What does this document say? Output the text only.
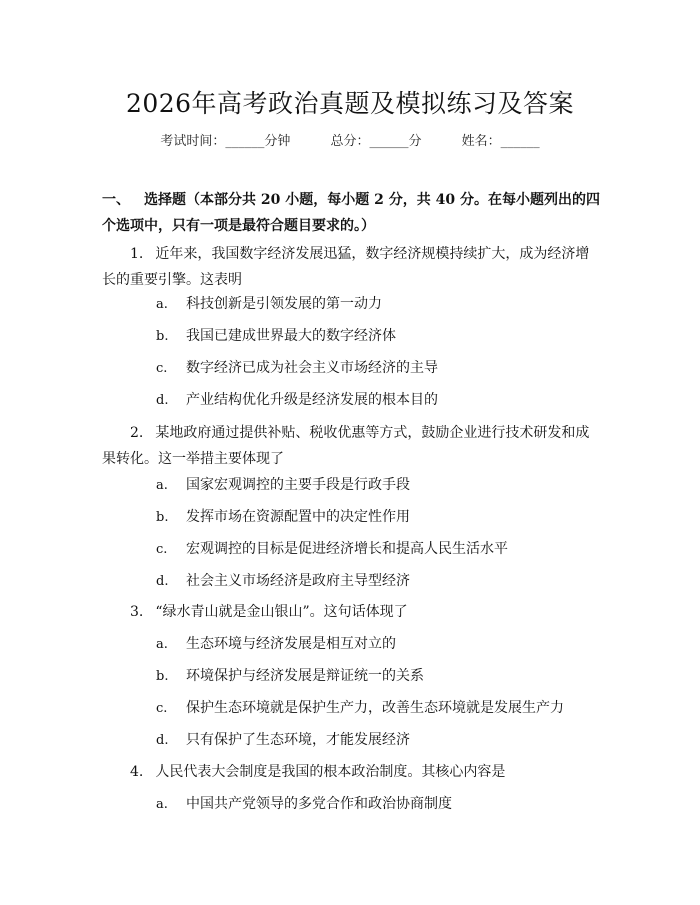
2026年高考政治真题及模拟练习及答案
考试时间：______分钟	总分：______分	姓名：______
一、 选择题（本部分共 20 小题，每小题 2 分，共 40 分。在每小题列出的四个选项中，只有一项是最符合题目要求的。）
1. 近年来，我国数字经济发展迅猛，数字经济规模持续扩大，成为经济增长的重要引擎。这表明
a. 科技创新是引领发展的第一动力
b. 我国已建成世界最大的数字经济体
c. 数字经济已成为社会主义市场经济的主导
d. 产业结构优化升级是经济发展的根本目的
2. 某地政府通过提供补贴、税收优惠等方式，鼓励企业进行技术研发和成果转化。这一举措主要体现了
a. 国家宏观调控的主要手段是行政手段
b. 发挥市场在资源配置中的决定性作用
c. 宏观调控的目标是促进经济增长和提高人民生活水平
d. 社会主义市场经济是政府主导型经济
3. “绿水青山就是金山银山”。这句话体现了
a. 生态环境与经济发展是相互对立的
b. 环境保护与经济发展是辩证统一的关系
c. 保护生态环境就是保护生产力，改善生态环境就是发展生产力
d. 只有保护了生态环境，才能发展经济
4. 人民代表大会制度是我国的根本政治制度。其核心内容是
a. 中国共产党领导的多党合作和政治协商制度
